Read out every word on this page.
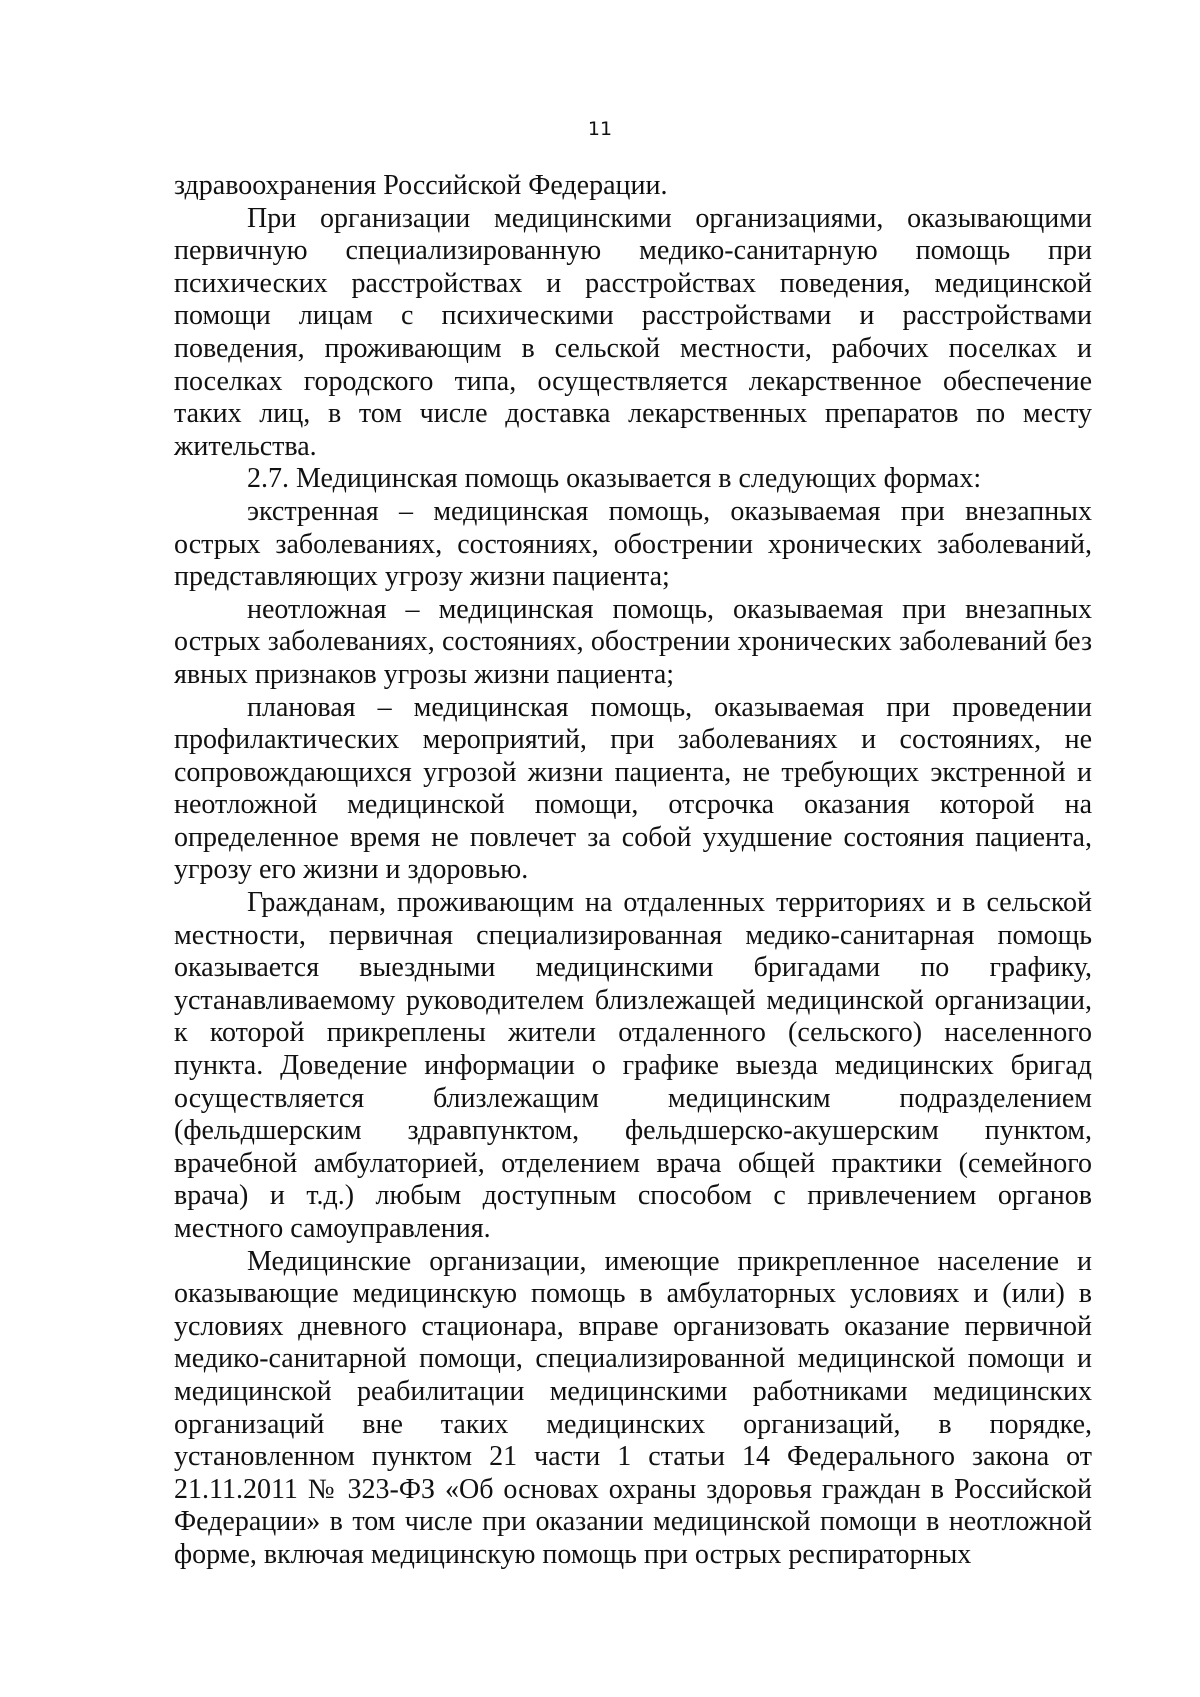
11

здравоохранения Российской Федерации.

При организации медицинскими организациями, оказывающими первичную специализированную медико-санитарную помощь при психических расстройствах и расстройствах поведения, медицинской помощи лицам с психическими расстройствами и расстройствами поведения, проживающим в сельской местности, рабочих поселках и поселках городского типа, осуществляется лекарственное обеспечение таких лиц, в том числе доставка лекарственных препаратов по месту жительства.

2.7. Медицинская помощь оказывается в следующих формах:

экстренная – медицинская помощь, оказываемая при внезапных острых заболеваниях, состояниях, обострении хронических заболеваний, представляющих угрозу жизни пациента;

неотложная – медицинская помощь, оказываемая при внезапных острых заболеваниях, состояниях, обострении хронических заболеваний без явных признаков угрозы жизни пациента;

плановая – медицинская помощь, оказываемая при проведении профилактических мероприятий, при заболеваниях и состояниях, не сопровождающихся угрозой жизни пациента, не требующих экстренной и неотложной медицинской помощи, отсрочка оказания которой на определенное время не повлечет за собой ухудшение состояния пациента, угрозу его жизни и здоровью.

Гражданам, проживающим на отдаленных территориях и в сельской местности, первичная специализированная медико-санитарная помощь оказывается выездными медицинскими бригадами по графику, устанавливаемому руководителем близлежащей медицинской организации, к которой прикреплены жители отдаленного (сельского) населенного пункта. Доведение информации о графике выезда медицинских бригад осуществляется близлежащим медицинским подразделением (фельдшерским здравпунктом, фельдшерско-акушерским пунктом, врачебной амбулаторией, отделением врача общей практики (семейного врача) и т.д.) любым доступным способом с привлечением органов местного самоуправления.

Медицинские организации, имеющие прикрепленное население и оказывающие медицинскую помощь в амбулаторных условиях и (или) в условиях дневного стационара, вправе организовать оказание первичной медико-санитарной помощи, специализированной медицинской помощи и медицинской реабилитации медицинскими работниками медицинских организаций вне таких медицинских организаций, в порядке, установленном пунктом 21 части 1 статьи 14 Федерального закона от 21.11.2011 № 323-ФЗ «Об основах охраны здоровья граждан в Российской Федерации» в том числе при оказании медицинской помощи в неотложной форме, включая медицинскую помощь при острых респираторных
